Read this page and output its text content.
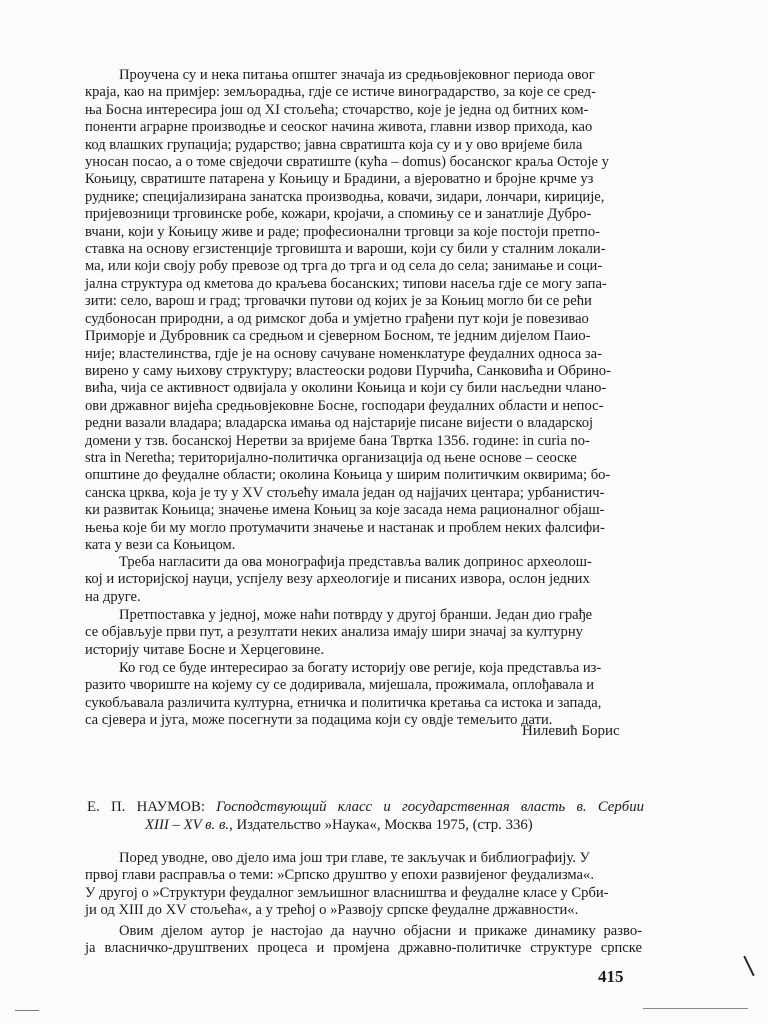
Проучена су и нека питања општег значаја из средњовјековног периода овог
краја, као на примјер: земљорадња, гдје се истиче виноградарство, за које се сред-
ња Босна интересира још од XI стољећа; сточарство, које је једна од битних ком-
поненти аграрне производње и сеоског начина живота, главни извор прихода, као
код влашких групација; рударство; јавна свратишта која су и у ово вријеме била
уносан посао, а о томе свједочи свратиште (кућа – domus) босанског краља Остоје у
Коњицу, свратиште патарена у Коњицу и Брадини, а вјероватно и бројне крчме уз
руднике; специјализирана занатска производња, ковачи, зидари, лончари, кирициjе,
пријевозници трговинске робе, кожари, кројачи, а спомињу се и занатлије Дубро-
вчани, који у Коњицу живе и раде; професионални трговци за које постоји претпо-
ставка на основу егзистенције трговишта и вароши, који су били у сталним локали-
ма, или који своју робу превозе од трга до трга и од села до села; занимање и соци-
јална структура од кметова до краљева босанских; типови насеља гдје се могу запа-
зити: село, варош и град; трговачки путови од којих је за Коњиц могло би се рећи
судбоносан природни, а од римског доба и умјетно грађени пут који је повезивао
Приморје и Дубровник са средњом и сјеверном Босном, те једним дијелом Паио-
није; властелинства, гдје је на основу сачуване номенклатуре феудалних односа за-
вирено у саму њихову структуру; властеоски родови Пурчића, Санковића и Обрино-
вића, чија се активност одвијала у околини Коњица и који су били насљедни члано-
ови државног вијећа средњовјековне Босне, господари феудалних области и непос-
редни вазали владара; владарска имања од најстарије писане вијести о владарској
домени у тзв. босанској Неретви за вријеме бана Твртка 1356. године: in curia no-
stra in Neretha; територијално-политичка организација од њене основе – сеоске
општине до феудалне области; околина Коњица у ширим политичким оквирима; бо-
санска црква, која је ту у XV стољећу имала један од најјачих центара; урбанистич-
ки развитак Коњица; значење имена Коњиц за које засада нема рационалног објаш-
њења које би му могло протумачити значење и настанак и проблем неких фалсифи-
ката у вези са Коњицом.
Треба нагласити да ова монографија представља валик допринос археолош-
кој и историјској науци, успјелу везу археологије и писаних извора, ослон једних
на друге.
Претпоставка у једној, може наћи потврду у другој бранши. Један дио грађе
се објављује први пут, а резултати неких анализа имају шири значај за културну
историју читаве Босне и Херцеговине.
Ко год се буде интересирао за богату историју ове регије, која представља из-
разито чвориште на којему су се додиривала, мијешала, прожимала, оплођавала и
сукобљавала различита културна, етничка и политичка кретања са истока и запада,
са сјевера и југа, може посегнути за подацима који су овдје темељито дати.
Нилевић Борис
Е. П. НАУМОВ: Господствующий класс и государственная власть в. Сербии
XIII – XV в. в., Издательство »Наука«, Москва 1975, (стр. 336)
Поред уводне, ово дјело има још три главе, те закључак и библиографију. У
првој глави расправља о теми: »Српско друштво у епохи развијеног феудализма«.
У другој о »Структури феудалног земљишног власништва и феудалне класе у Срби-
ји од XIII до XV стољећа«, а у трећој о »Развоју српске феудалне државности«.
Овим дјелом аутор је настојао да научно објасни и прикаже динамику разво-
ја власничко-друштвених процеса и промјена државно-политичке структуре српске
415
